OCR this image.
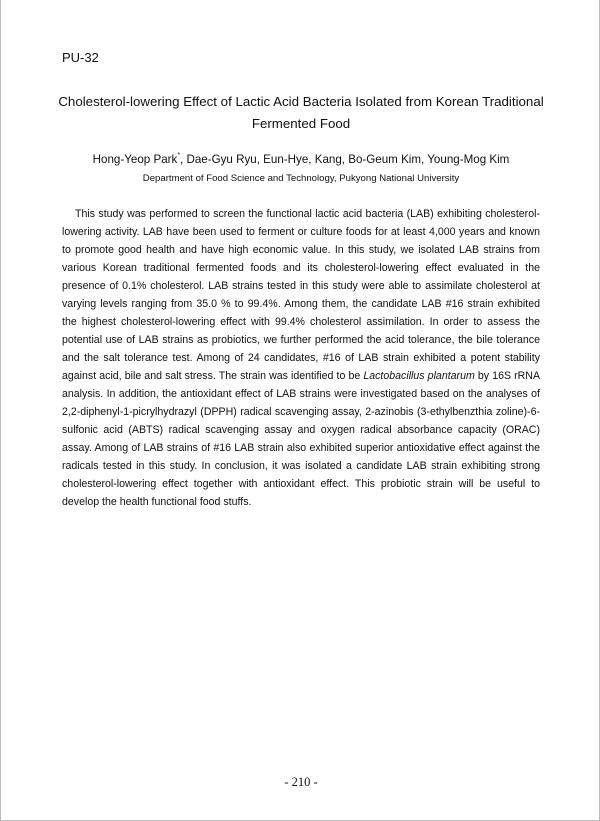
PU-32
Cholesterol-lowering Effect of Lactic Acid Bacteria Isolated from Korean Traditional
Fermented Food
Hong-Yeop Park*, Dae-Gyu Ryu, Eun-Hye, Kang, Bo-Geum Kim, Young-Mog Kim
Department of Food Science and Technology, Pukyong National University
This study was performed to screen the functional lactic acid bacteria (LAB) exhibiting cholesterol-
lowering activity. LAB have been used to ferment or culture foods for at least 4,000 years and known
to promote good health and have high economic value. In this study, we isolated LAB strains from
various Korean traditional fermented foods and its cholesterol-lowering effect evaluated in the
presence of 0.1% cholesterol. LAB strains tested in this study were able to assimilate cholesterol at
varying levels ranging from 35.0 % to 99.4%. Among them, the candidate LAB #16 strain exhibited
the highest cholesterol-lowering effect with 99.4% cholesterol assimilation. In order to assess the
potential use of LAB strains as probiotics, we further performed the acid tolerance, the bile tolerance
and the salt tolerance test. Among of 24 candidates, #16 of LAB strain exhibited a potent stability
against acid, bile and salt stress. The strain was identified to be Lactobacillus plantarum by 16S rRNA
analysis. In addition, the antioxidant effect of LAB strains were investigated based on the analyses of
2,2-diphenyl-1-picrylhydrazyl (DPPH) radical scavenging assay, 2-azinobis (3-ethylbenzthia zoline)-6-
sulfonic acid (ABTS) radical scavenging assay and oxygen radical absorbance capacity (ORAC)
assay. Among of LAB strains of #16 LAB strain also exhibited superior antioxidative effect against the
radicals tested in this study. In conclusion, it was isolated a candidate LAB strain exhibiting strong
cholesterol-lowering effect together with antioxidant effect. This probiotic strain will be useful to
develop the health functional food stuffs.
- 210 -
